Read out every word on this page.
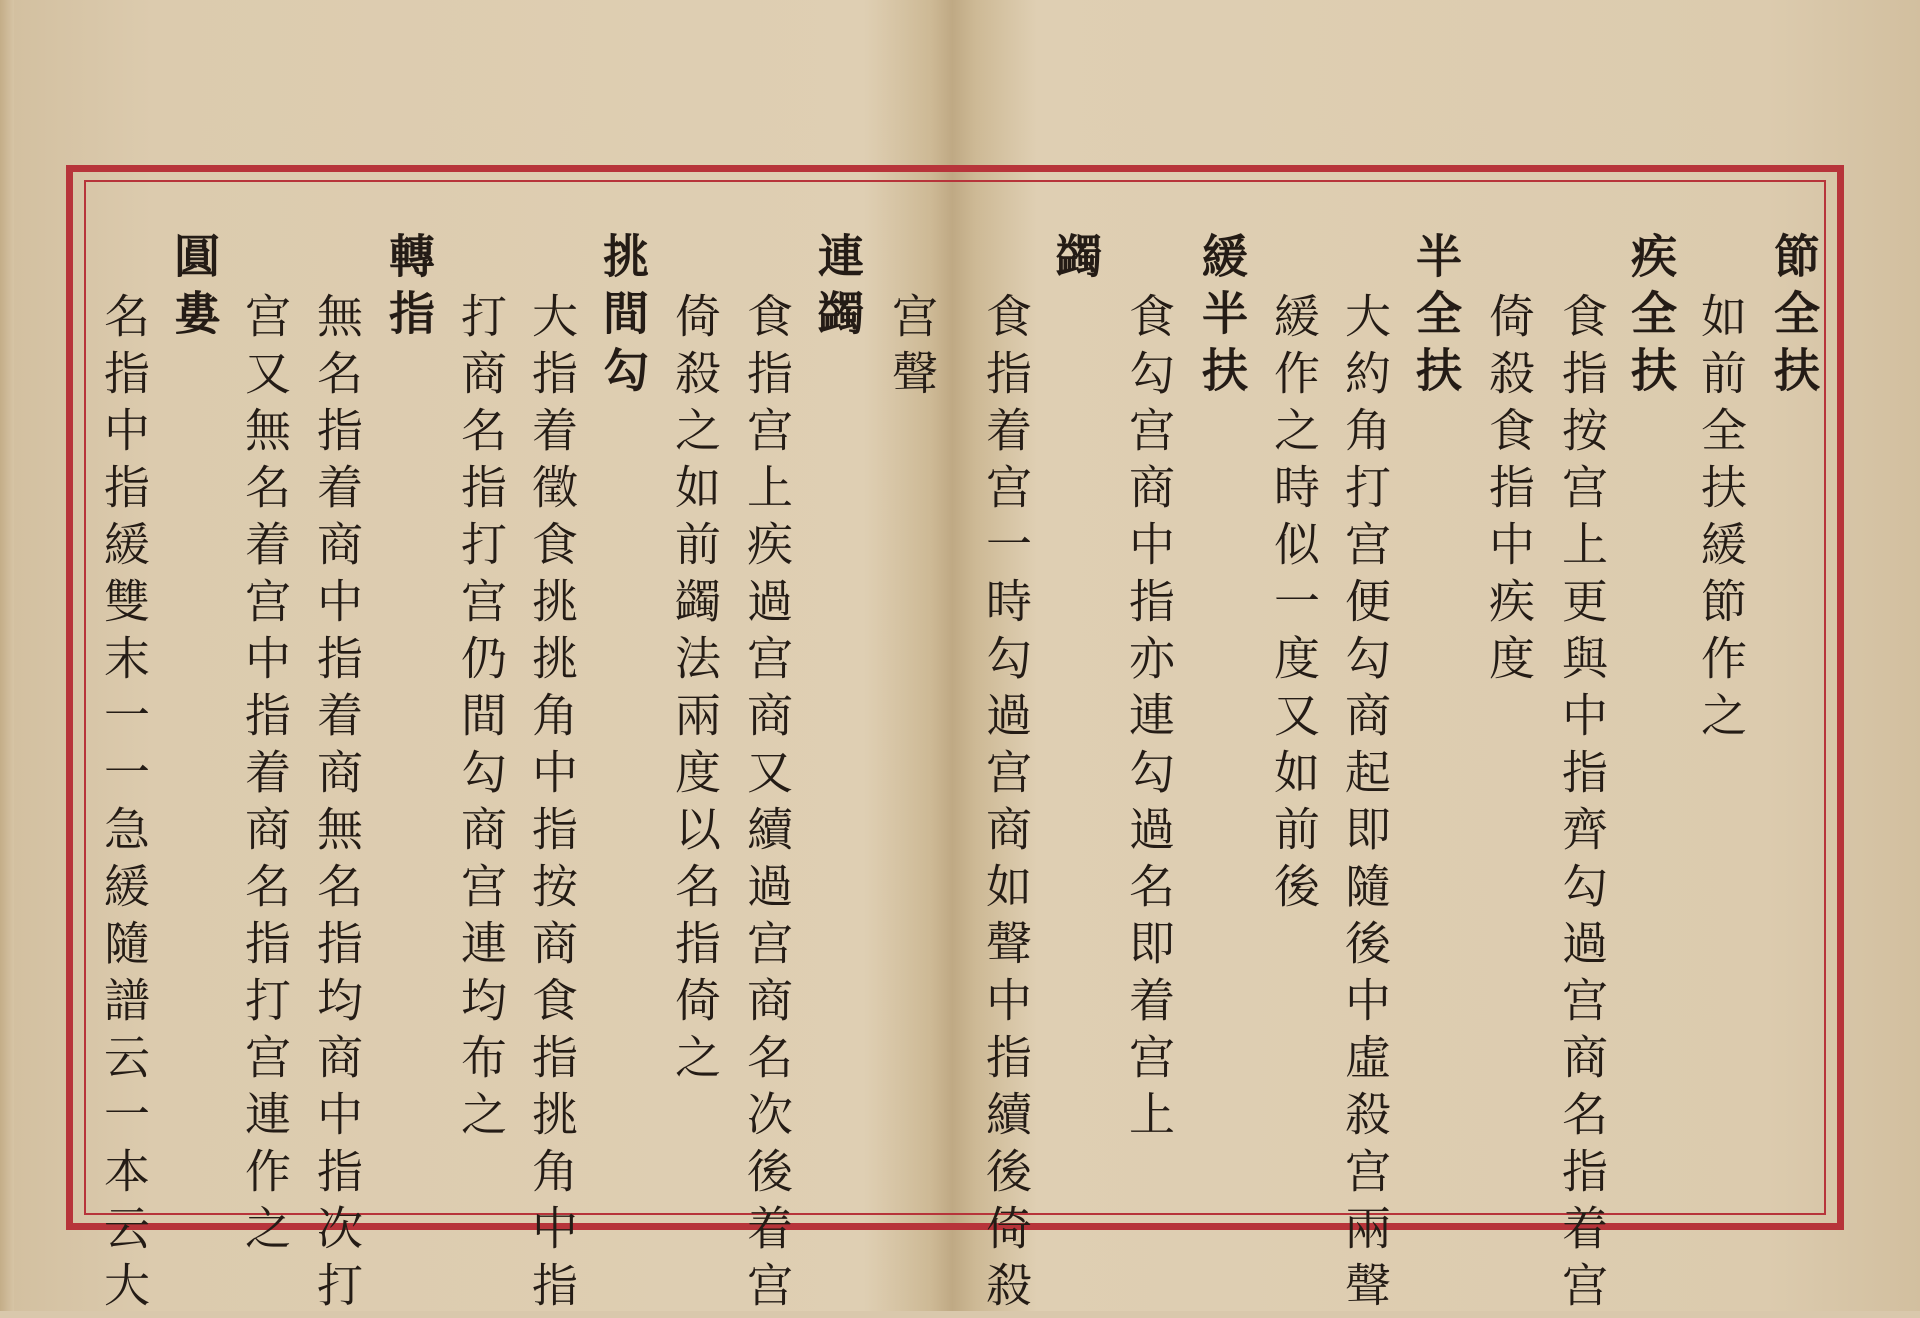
節全扶
如前全扶緩節作之
疾全扶
食指按宫上更與中指齊勾過宫商名指着宫
倚殺食指中疾度
半全扶
大約角打宫便勾商起即隨後中虛殺宫兩聲
緩作之時似一度又如前後
緩半扶
食勾宫商中指亦連勾過名即着宫上
蠲
食指着宫一時勾過宫商如聲中指續後倚殺
宫聲
連蠲
食指宫上疾過宫商又續過宫商名次後着宫
倚殺之如前蠲法兩度以名指倚之
挑間勾
大指着徵食挑挑角中指按商食指挑角中指
打商名指打宫仍間勾商宫連均布之
轉指
無名指着商中指着商無名指均商中指次打
宫又無名着宫中指着商名指打宫連作之
圓婁
名指中指緩雙末一一急緩隨譜云一本云大
